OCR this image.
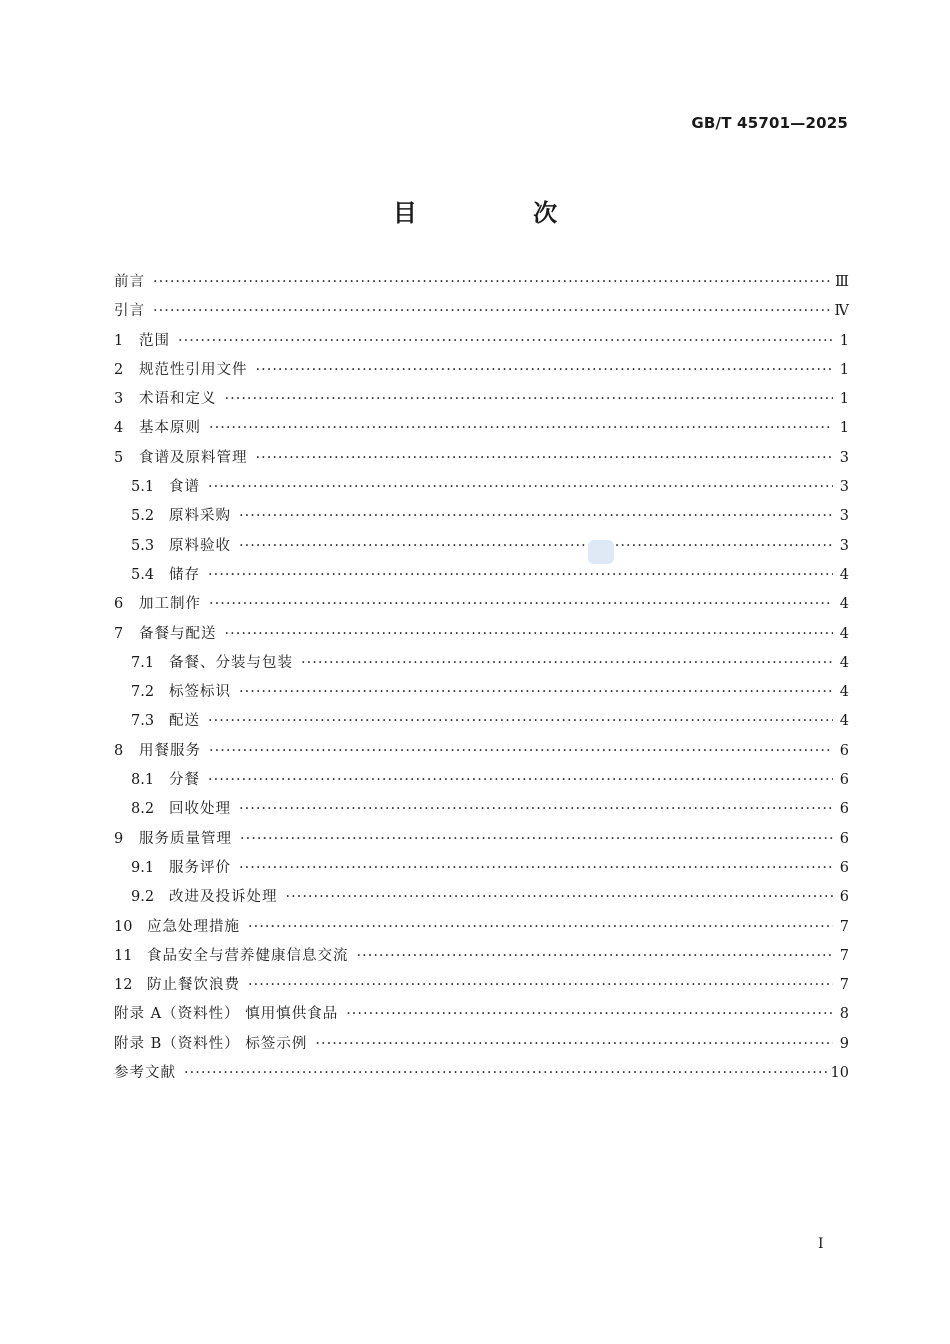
GB/T 45701—2025
目 次
前言 ·····	Ⅲ
引言 ·····	Ⅳ
1	范围 ·····	1
2	规范性引用文件 ·····	1
3	术语和定义 ·····	1
4	基本原则 ·····	1
5	食谱及原料管理 ·····	3
5.1	食谱 ·····	3
5.2	原料采购 ·····	3
5.3	原料验收 ·····	3
5.4	储存 ·····	4
6	加工制作 ·····	4
7	备餐与配送 ·····	4
7.1	备餐、分装与包装 ·····	4
7.2	标签标识 ·····	4
7.3	配送 ·····	4
8	用餐服务 ·····	6
8.1	分餐 ·····	6
8.2	回收处理 ·····	6
9	服务质量管理 ·····	6
9.1	服务评价 ·····	6
9.2	改进及投诉处理 ·····	6
10	应急处理措施 ·····	7
11	食品安全与营养健康信息交流 ·····	7
12	防止餐饮浪费 ·····	7
附录 A（资料性） 慎用慎供食品 ·····	8
附录 B（资料性） 标签示例 ·····	9
参考文献 ·····	10
I
